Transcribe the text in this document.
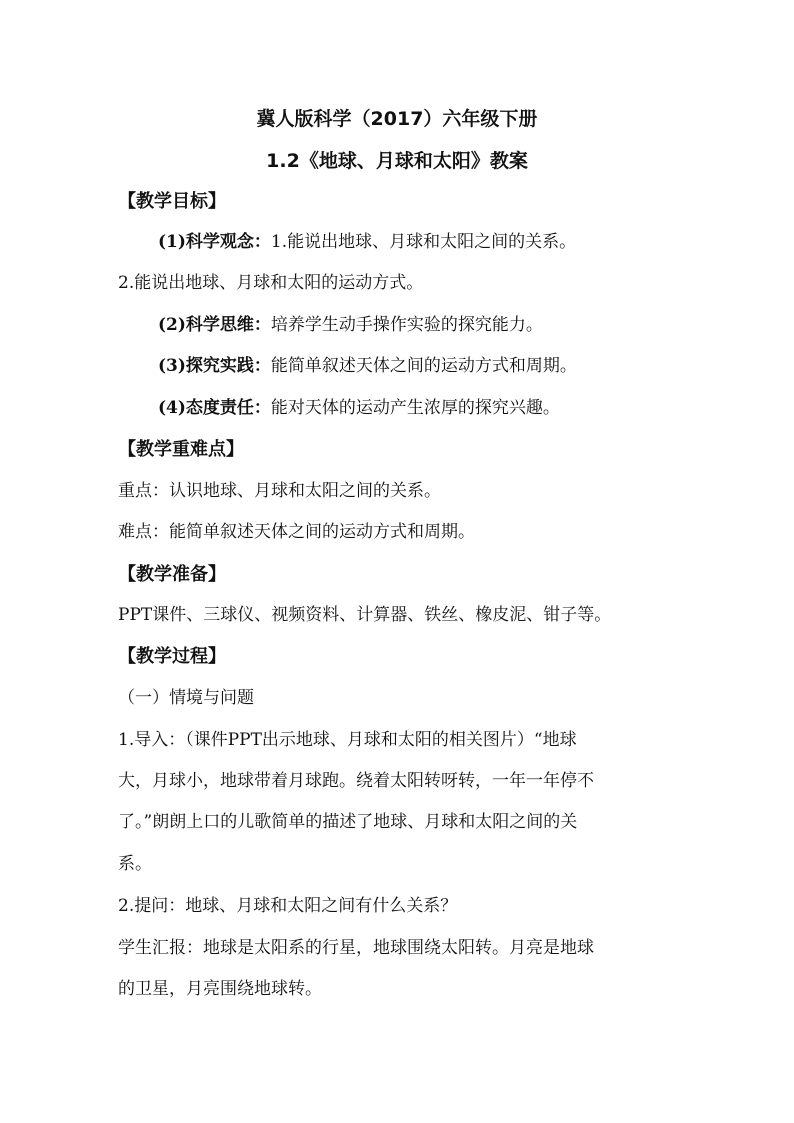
冀人版科学（2017）六年级下册
1.2《地球、月球和太阳》教案
【教学目标】
(1)科学观念：1.能说出地球、月球和太阳之间的关系。
2.能说出地球、月球和太阳的运动方式。
(2)科学思维：培养学生动手操作实验的探究能力。
(3)探究实践：能简单叙述天体之间的运动方式和周期。
(4)态度责任：能对天体的运动产生浓厚的探究兴趣。
【教学重难点】
重点：认识地球、月球和太阳之间的关系。
难点：能简单叙述天体之间的运动方式和周期。
【教学准备】
PPT课件、三球仪、视频资料、计算器、铁丝、橡皮泥、钳子等。
【教学过程】
（一）情境与问题
1.导入：（课件PPT出示地球、月球和太阳的相关图片）“地球
大，月球小，地球带着月球跑。绕着太阳转呀转，一年一年停不
了。”朗朗上口的儿歌简单的描述了地球、月球和太阳之间的关
系。
2.提问：地球、月球和太阳之间有什么关系？
学生汇报：地球是太阳系的行星，地球围绕太阳转。月亮是地球
的卫星，月亮围绕地球转。
